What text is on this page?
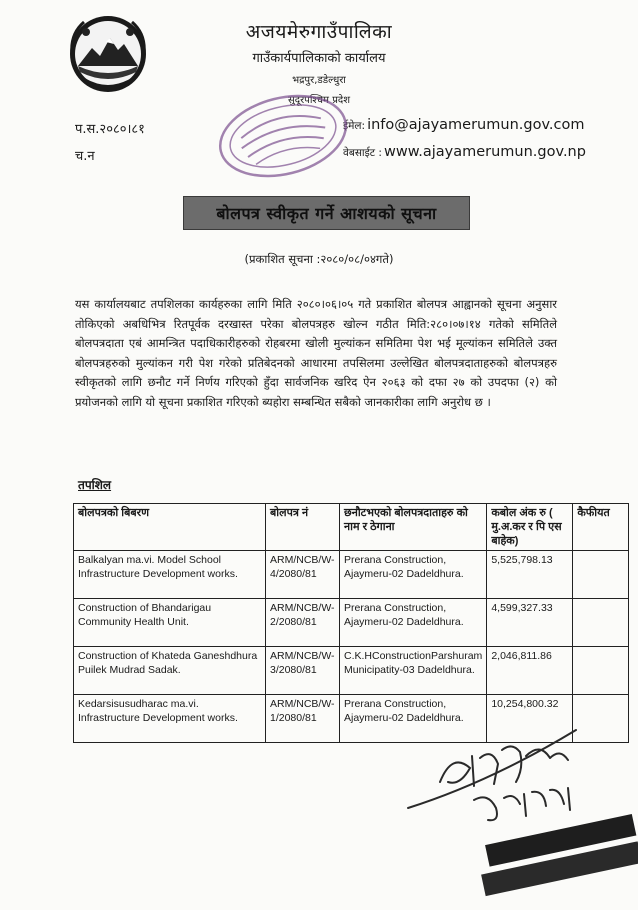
अजयमेरुगाउँपालिका
गाउँकार्यपालिकाको कार्यालय
भद्रपुर,डडेल्धुरा
सुदूरपश्चिम प्रदेश
प.स.२०८०।८१
च.न
ईमेल: info@ajayamerumun.gov.com
वेबसाईट : www.ajayamerumun.gov.np
बोलपत्र स्वीकृत गर्ने आशयको सूचना
(प्रकाशित सूचना :२०८०/०८/०४गते)
यस कार्यालयबाट तपशिलका कार्यहरुका लागि मिति २०८०।०६।०५ गते प्रकाशित बोलपत्र आह्वानको सूचना अनुसार तोकिएको अबधिभित्र रितपूर्वक दरखास्त परेका बोलपत्रहरु खोल्न गठीत मिति:२८०।०७।१४ गतेको समितिले बोलपत्रदाता एबं आमन्त्रित पदाधिकारीहरुको रोहबरमा खोली मुल्यांकन समितिमा पेश भई मूल्यांकन समितिले उक्त बोलपत्रहरुको मुल्यांकन गरी पेश गरेको प्रतिबेदनको आधारमा तपसिलमा उल्लेखित बोलपत्रदाताहरुको बोलपत्रहरु स्वीकृतको लागि छनौट गर्ने निर्णय गरिएको हुँदा सार्वजनिक खरिद ऐन २०६३ को दफा २७ को उपदफा (२) को प्रयोजनको लागि यो सूचना प्रकाशित गरिएको ब्यहोरा सम्बन्धित सबैको जानकारीका लागि अनुरोध छ ।
तपशिल
बोलपत्रको बिबरण	बोलपत्र नं	छनौटभएको बोलपत्रदाताहरु को नाम र ठेगाना	कबोल अंक रु ( मु.अ.कर र पि एस बाहेक)	कैफीयत
Balkalyan ma.vi. Model School Infrastructure Development works.	ARM/NCB/W-4/2080/81	Prerana Construction, Ajaymeru-02 Dadeldhura.	5,525,798.13	
Construction of Bhandarigau Community Health Unit.	ARM/NCB/W-2/2080/81	Prerana Construction, Ajaymeru-02 Dadeldhura.	4,599,327.33	
Construction of Khateda Ganeshdhura Puilek Mudrad Sadak.	ARM/NCB/W-3/2080/81	C.K.HConstructionParshuram Municipatity-03 Dadeldhura.	2,046,811.86	
Kedarsisusudharac ma.vi. Infrastructure Development works.	ARM/NCB/W-1/2080/81	Prerana Construction, Ajaymeru-02 Dadeldhura.	10,254,800.32	
